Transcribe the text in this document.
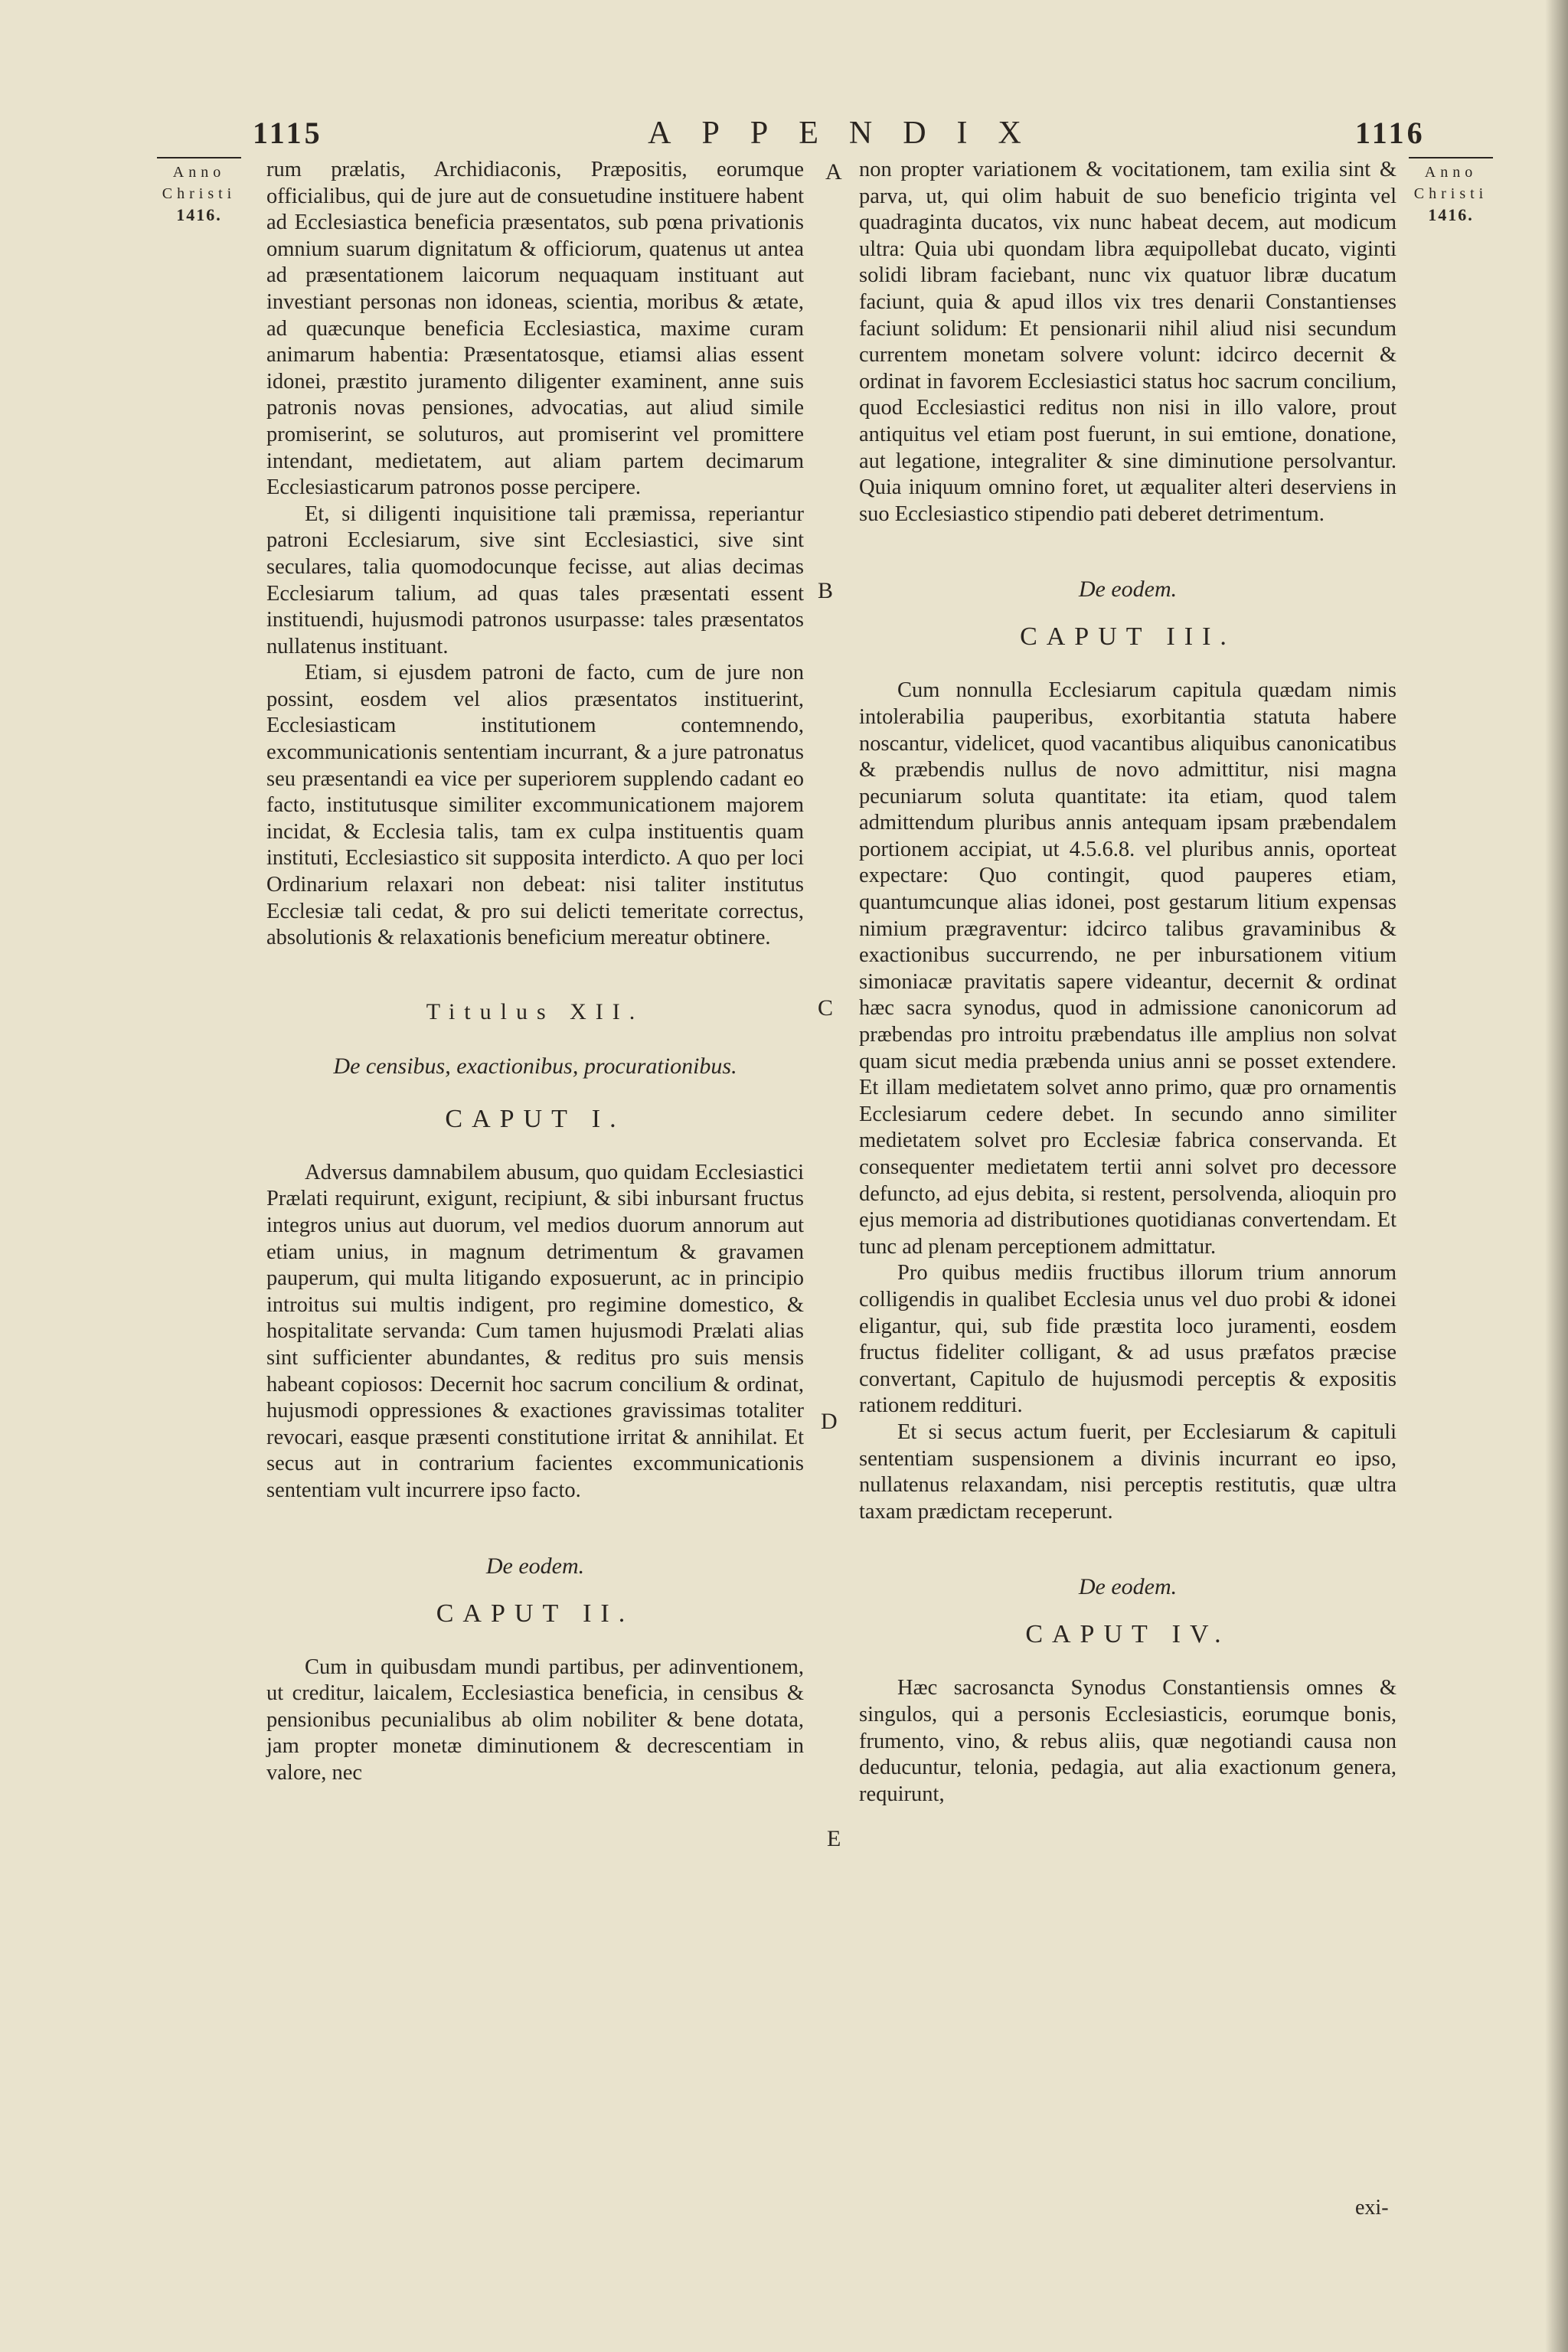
1115	APPENDIX	1116
Anno
Christi
1416.
Anno
Christi
1416.
A
B
C
D
E

rum prælatis, Archidiaconis, Præpositis, eorumque officialibus, qui de jure aut de consuetudine instituere habent ad Ecclesiastica beneficia præsentatos, sub pœna privationis omnium suarum dignitatum & officiorum, quatenus ut antea ad præsentationem laicorum nequaquam instituant aut investiant personas non idoneas, scientia, moribus & ætate, ad quæcunque beneficia Ecclesiastica, maxime curam animarum habentia: Præsentatosque, etiamsi alias essent idonei, præstito juramento diligenter examinent, anne suis patronis novas pensiones, advocatias, aut aliud simile promiserint, se soluturos, aut promiserint vel promittere intendant, medietatem, aut aliam partem decimarum Ecclesiasticarum patronos posse percipere.

Et, si diligenti inquisitione tali præmissa, reperiantur patroni Ecclesiarum, sive sint Ecclesiastici, sive sint seculares, talia quomodocunque fecisse, aut alias decimas Ecclesiarum talium, ad quas tales præsentati essent instituendi, hujusmodi patronos usurpasse: tales præsentatos nullatenus instituant.

Etiam, si ejusdem patroni de facto, cum de jure non possint, eosdem vel alios præsentatos instituerint, Ecclesiasticam institutionem contemnendo, excommunicationis sententiam incurrant, & a jure patronatus seu præsentandi ea vice per superiorem supplendo cadant eo facto, institutusque similiter excommunicationem majorem incidat, & Ecclesia talis, tam ex culpa instituentis quam instituti, Ecclesiastico sit supposita interdicto. A quo per loci Ordinarium relaxari non debeat: nisi taliter institutus Ecclesiæ tali cedat, & pro sui delicti temeritate correctus, absolutionis & relaxationis beneficium mereatur obtinere.

Titulus XII.
De censibus, exactionibus, procurationibus.
CAPUT I.

Adversus damnabilem abusum, quo quidam Ecclesiastici Prælati requirunt, exigunt, recipiunt, & sibi inbursant fructus integros unius aut duorum, vel medios duorum annorum aut etiam unius, in magnum detrimentum & gravamen pauperum, qui multa litigando exposuerunt, ac in principio introitus sui multis indigent, pro regimine domestico, & hospitalitate servanda: Cum tamen hujusmodi Prælati alias sint sufficienter abundantes, & reditus pro suis mensis habeant copiosos: Decernit hoc sacrum concilium & ordinat, hujusmodi oppressiones & exactiones gravissimas totaliter revocari, easque præsenti constitutione irritat & annihilat. Et secus aut in contrarium facientes excommunicationis sententiam vult incurrere ipso facto.

De eodem.
CAPUT II.

Cum in quibusdam mundi partibus, per adinventionem, ut creditur, laicalem, Ecclesiastica beneficia, in censibus & pensionibus pecunialibus ab olim nobiliter & bene dotata, jam propter monetæ diminutionem & decrescentiam in valore, nec

non propter variationem & vocitationem, tam exilia sint & parva, ut, qui olim habuit de suo beneficio triginta vel quadraginta ducatos, vix nunc habeat decem, aut modicum ultra: Quia ubi quondam libra æquipollebat ducato, viginti solidi libram faciebant, nunc vix quatuor libræ ducatum faciunt, quia & apud illos vix tres denarii Constantienses faciunt solidum: Et pensionarii nihil aliud nisi secundum currentem monetam solvere volunt: idcirco decernit & ordinat in favorem Ecclesiastici status hoc sacrum concilium, quod Ecclesiastici reditus non nisi in illo valore, prout antiquitus vel etiam post fuerunt, in sui emtione, donatione, aut legatione, integraliter & sine diminutione persolvantur. Quia iniquum omnino foret, ut æqualiter alteri deserviens in suo Ecclesiastico stipendio pati deberet detrimentum.

De eodem.
CAPUT III.

Cum nonnulla Ecclesiarum capitula quædam nimis intolerabilia pauperibus, exorbitantia statuta habere noscantur, videlicet, quod vacantibus aliquibus canonicatibus & præbendis nullus de novo admittitur, nisi magna pecuniarum soluta quantitate: ita etiam, quod talem admittendum pluribus annis antequam ipsam præbendalem portionem accipiat, ut 4.5.6.8. vel pluribus annis, oporteat expectare: Quo contingit, quod pauperes etiam, quantumcunque alias idonei, post gestarum litium expensas nimium prægraventur: idcirco talibus gravaminibus & exactionibus succurrendo, ne per inbursationem vitium simoniacæ pravitatis sapere videantur, decernit & ordinat hæc sacra synodus, quod in admissione canonicorum ad præbendas pro introitu præbendatus ille amplius non solvat quam sicut media præbenda unius anni se posset extendere. Et illam medietatem solvet anno primo, quæ pro ornamentis Ecclesiarum cedere debet. In secundo anno similiter medietatem solvet pro Ecclesiæ fabrica conservanda. Et consequenter medietatem tertii anni solvet pro decessore defuncto, ad ejus debita, si restent, persolvenda, alioquin pro ejus memoria ad distributiones quotidianas convertendam. Et tunc ad plenam perceptionem admittatur.

Pro quibus mediis fructibus illorum trium annorum colligendis in qualibet Ecclesia unus vel duo probi & idonei eligantur, qui, sub fide præstita loco juramenti, eosdem fructus fideliter colligant, & ad usus præfatos præcise convertant, Capitulo de hujusmodi perceptis & expositis rationem reddituri.

Et si secus actum fuerit, per Ecclesiarum & capituli sententiam suspensionem a divinis incurrant eo ipso, nullatenus relaxandam, nisi perceptis restitutis, quæ ultra taxam prædictam receperunt.

De eodem.
CAPUT IV.

Hæc sacrosancta Synodus Constantiensis omnes & singulos, qui a personis Ecclesiasticis, eorumque bonis, frumento, vino, & rebus aliis, quæ negotiandi causa non deducuntur, telonia, pedagia, aut alia exactionum genera, requirunt,

exi-
